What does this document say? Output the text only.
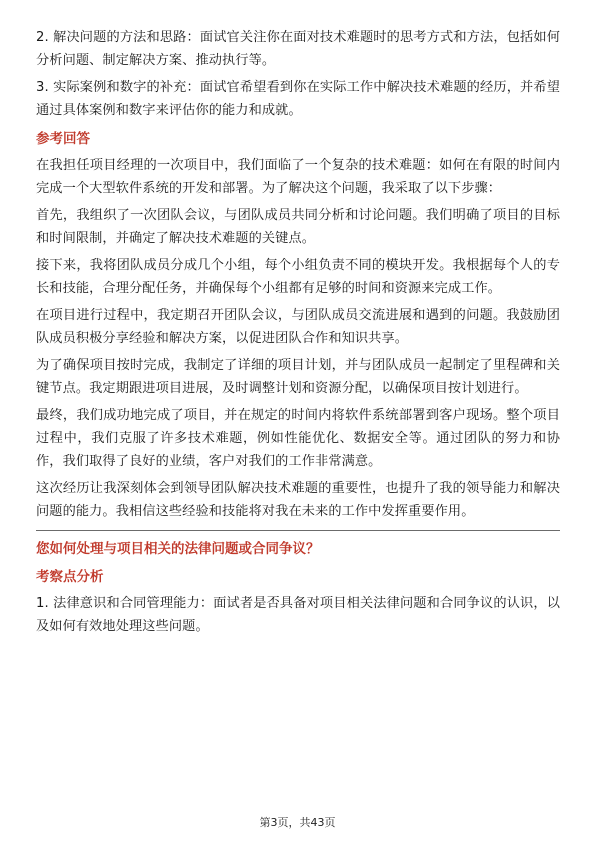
2. 解决问题的方法和思路：面试官关注你在面对技术难题时的思考方式和方法，包括如何分析问题、制定解决方案、推动执行等。

3. 实际案例和数字的补充：面试官希望看到你在实际工作中解决技术难题的经历，并希望通过具体案例和数字来评估你的能力和成就。

参考回答

在我担任项目经理的一次项目中，我们面临了一个复杂的技术难题：如何在有限的时间内完成一个大型软件系统的开发和部署。为了解决这个问题，我采取了以下步骤：

首先，我组织了一次团队会议，与团队成员共同分析和讨论问题。我们明确了项目的目标和时间限制，并确定了解决技术难题的关键点。

接下来，我将团队成员分成几个小组，每个小组负责不同的模块开发。我根据每个人的专长和技能，合理分配任务，并确保每个小组都有足够的时间和资源来完成工作。

在项目进行过程中，我定期召开团队会议，与团队成员交流进展和遇到的问题。我鼓励团队成员积极分享经验和解决方案，以促进团队合作和知识共享。

为了确保项目按时完成，我制定了详细的项目计划，并与团队成员一起制定了里程碑和关键节点。我定期跟进项目进展，及时调整计划和资源分配，以确保项目按计划进行。

最终，我们成功地完成了项目，并在规定的时间内将软件系统部署到客户现场。整个项目过程中，我们克服了许多技术难题，例如性能优化、数据安全等。通过团队的努力和协作，我们取得了良好的业绩，客户对我们的工作非常满意。

这次经历让我深刻体会到领导团队解决技术难题的重要性，也提升了我的领导能力和解决问题的能力。我相信这些经验和技能将对我在未来的工作中发挥重要作用。

您如何处理与项目相关的法律问题或合同争议？
考察点分析

1. 法律意识和合同管理能力：面试者是否具备对项目相关法律问题和合同争议的认识，以及如何有效地处理这些问题。

第3页，共43页
